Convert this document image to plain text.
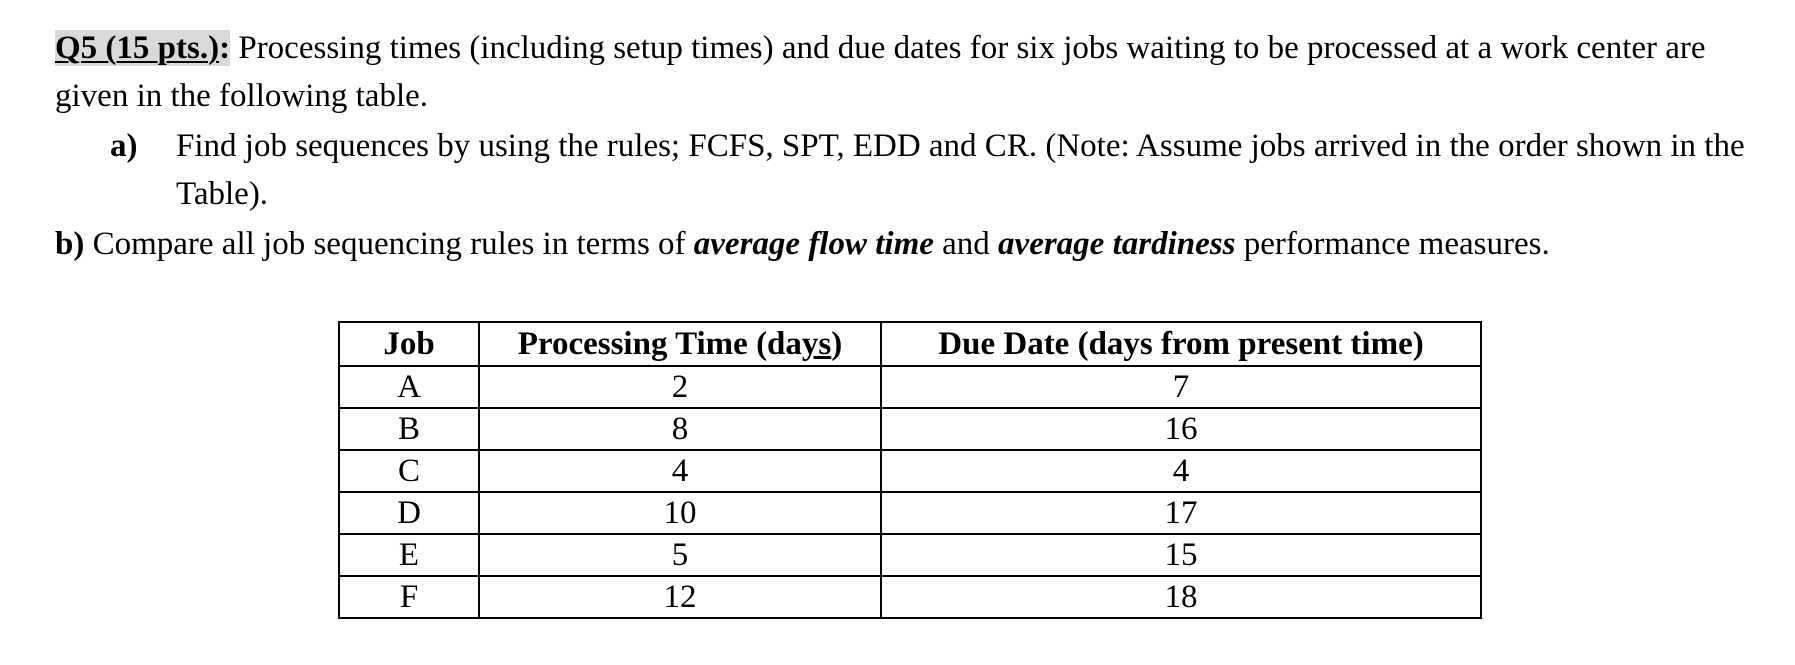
Q5 (15 pts.): Processing times (including setup times) and due dates for six jobs waiting to be processed at a work center are given in the following table.
a) Find job sequences by using the rules; FCFS, SPT, EDD and CR. (Note: Assume jobs arrived in the order shown in the Table).
b) Compare all job sequencing rules in terms of average flow time and average tardiness performance measures.
Job	Processing Time (days)	Due Date (days from present time)
A	2	7
B	8	16
C	4	4
D	10	17
E	5	15
F	12	18
